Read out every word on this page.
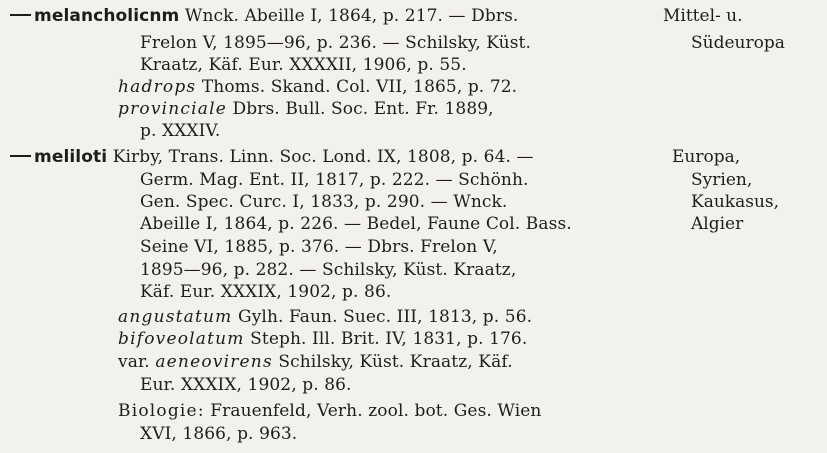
melancholicnm Wnck. Abeille I, 1864, p. 217. — Dbrs.
Frelon V, 1895—96, p. 236. — Schilsky, Küst.
Kraatz, Käf. Eur. XXXXII, 1906, p. 55.
hadrops Thoms. Skand. Col. VII, 1865, p. 72.
provinciale Dbrs. Bull. Soc. Ent. Fr. 1889,
p. XXXIV.
Mittel- u.
Südeuropa
meliloti Kirby, Trans. Linn. Soc. Lond. IX, 1808, p. 64. —
Germ. Mag. Ent. II, 1817, p. 222. — Schönh.
Gen. Spec. Curc. I, 1833, p. 290. — Wnck.
Abeille I, 1864, p. 226. — Bedel, Faune Col. Bass.
Seine VI, 1885, p. 376. — Dbrs. Frelon V,
1895—96, p. 282. — Schilsky, Küst. Kraatz,
Käf. Eur. XXXIX, 1902, p. 86.
angustatum Gylh. Faun. Suec. III, 1813, p. 56.
bifoveolatum Steph. Ill. Brit. IV, 1831, p. 176.
var. aeneovirens Schilsky, Küst. Kraatz, Käf.
Eur. XXXIX, 1902, p. 86.
Biologie: Frauenfeld, Verh. zool. bot. Ges. Wien
XVI, 1866, p. 963.
Europa,
Syrien,
Kaukasus,
Algier
